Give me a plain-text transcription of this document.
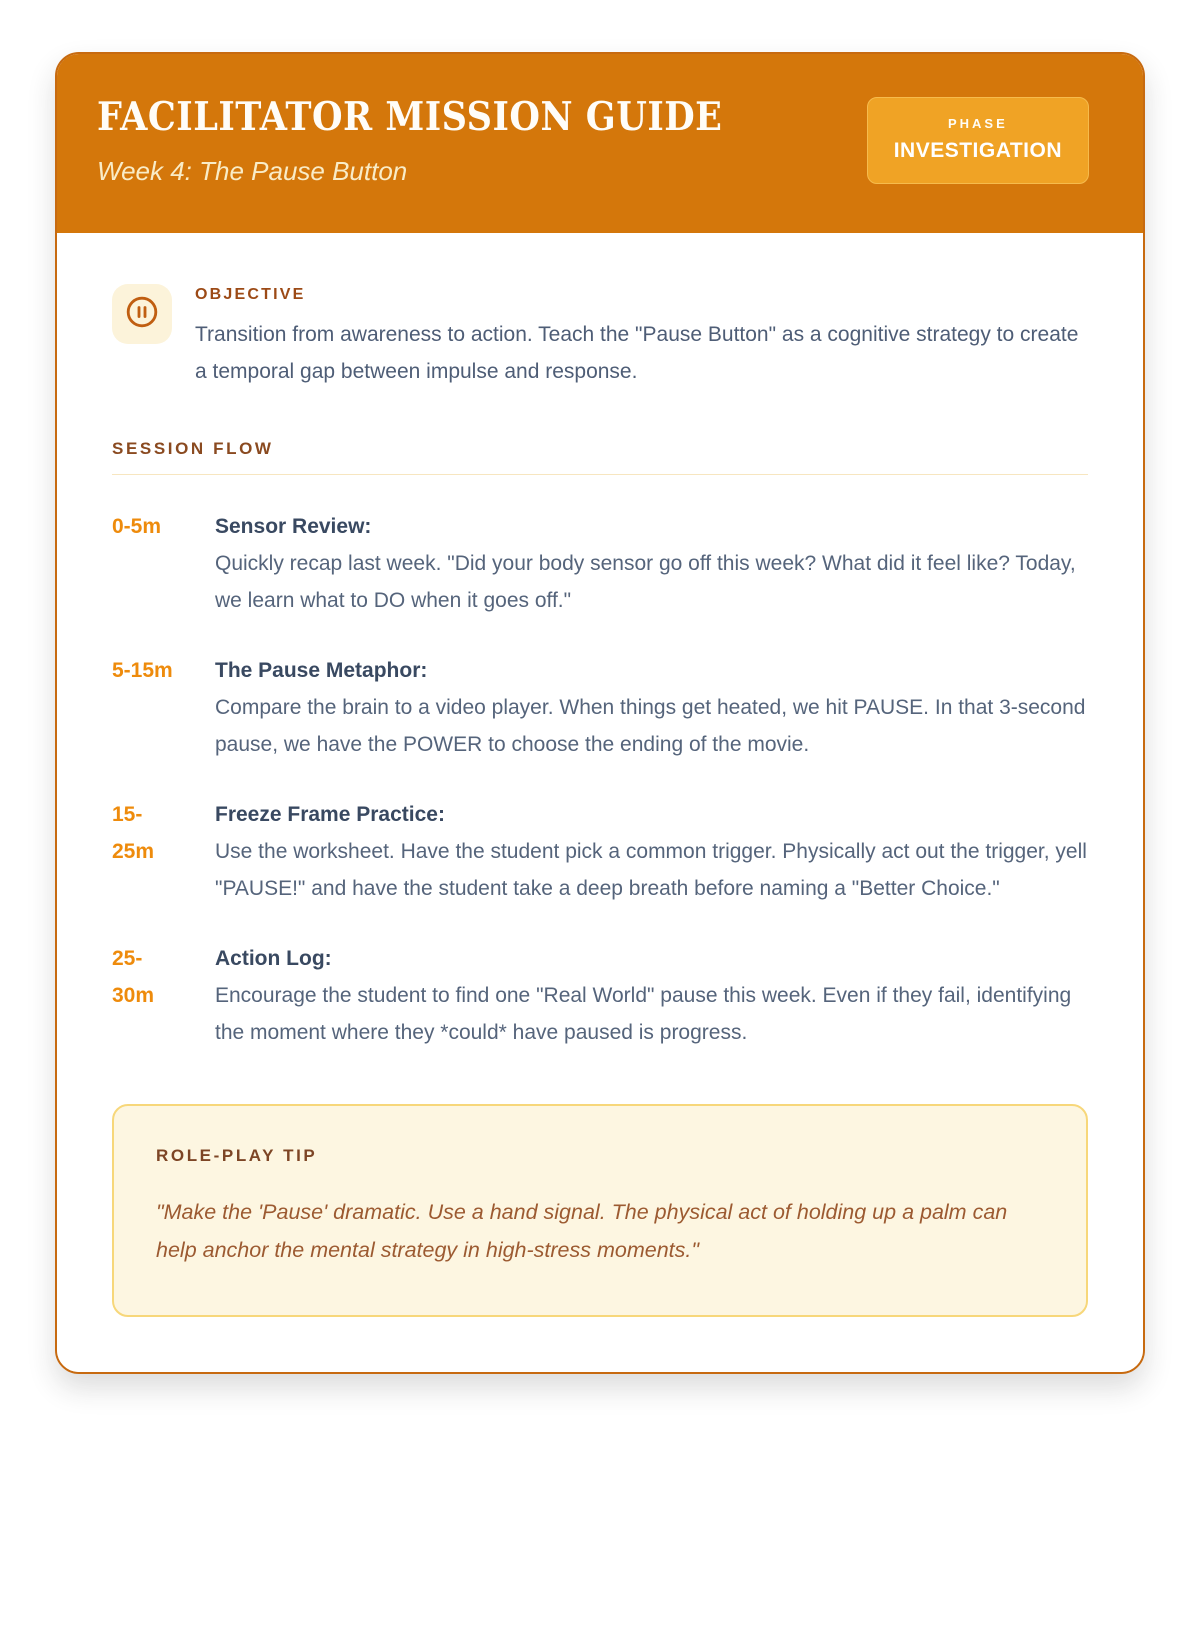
FACILITATOR MISSION GUIDE
Week 4: The Pause Button
PHASE
INVESTIGATION
OBJECTIVE
Transition from awareness to action. Teach the "Pause Button" as a cognitive strategy to create a temporal gap between impulse and response.
SESSION FLOW
0-5m	Sensor Review:
Quickly recap last week. "Did your body sensor go off this week? What did it feel like? Today, we learn what to DO when it goes off."
5-15m	The Pause Metaphor:
Compare the brain to a video player. When things get heated, we hit PAUSE. In that 3-second pause, we have the POWER to choose the ending of the movie.
15-25m
Freeze Frame Practice:
Use the worksheet. Have the student pick a common trigger. Physically act out the trigger, yell "PAUSE!" and have the student take a deep breath before naming a "Better Choice."
25-30m
Action Log:
Encourage the student to find one "Real World" pause this week. Even if they fail, identifying the moment where they *could* have paused is progress.
ROLE-PLAY TIP
"Make the 'Pause' dramatic. Use a hand signal. The physical act of holding up a palm can help anchor the mental strategy in high-stress moments."
